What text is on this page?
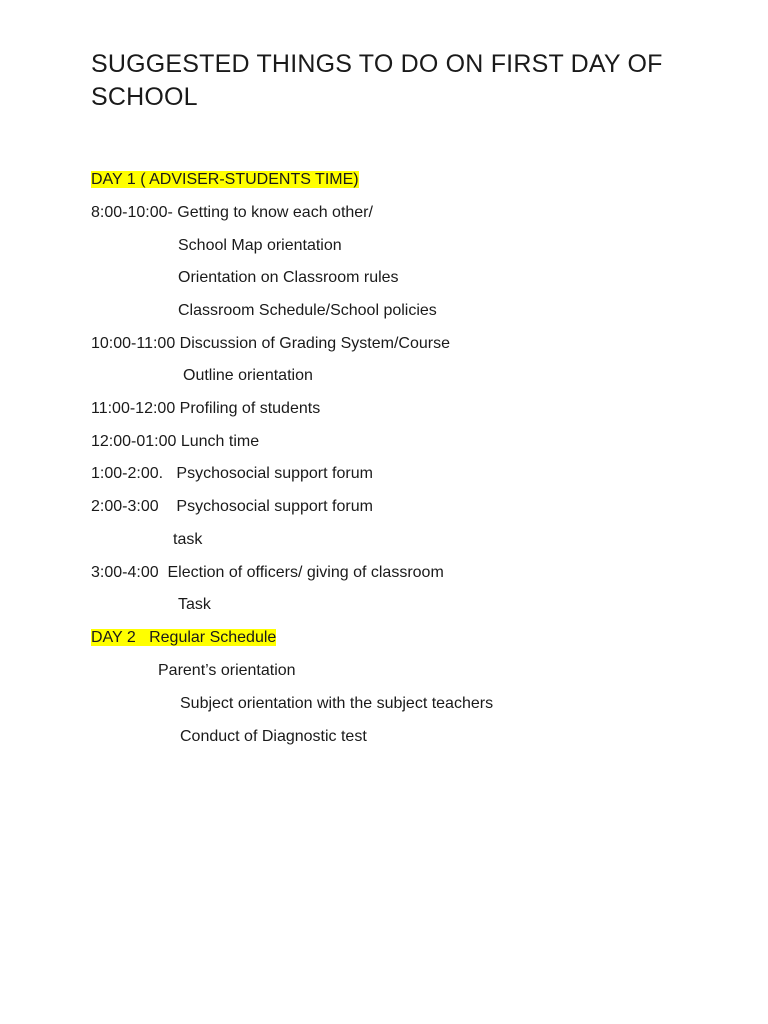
SUGGESTED THINGS TO DO ON FIRST DAY OF SCHOOL
DAY 1 ( ADVISER-STUDENTS TIME)
8:00-10:00- Getting to know each other/
School Map orientation
Orientation on Classroom rules
Classroom Schedule/School policies
10:00-11:00 Discussion of Grading System/Course
Outline orientation
11:00-12:00 Profiling of students
12:00-01:00 Lunch time
1:00-2:00.   Psychosocial support forum
2:00-3:00    Psychosocial support forum
task
3:00-4:00  Election of officers/ giving of classroom
Task
DAY 2   Regular Schedule
Parent’s orientation
Subject orientation with the subject teachers
Conduct of Diagnostic test
